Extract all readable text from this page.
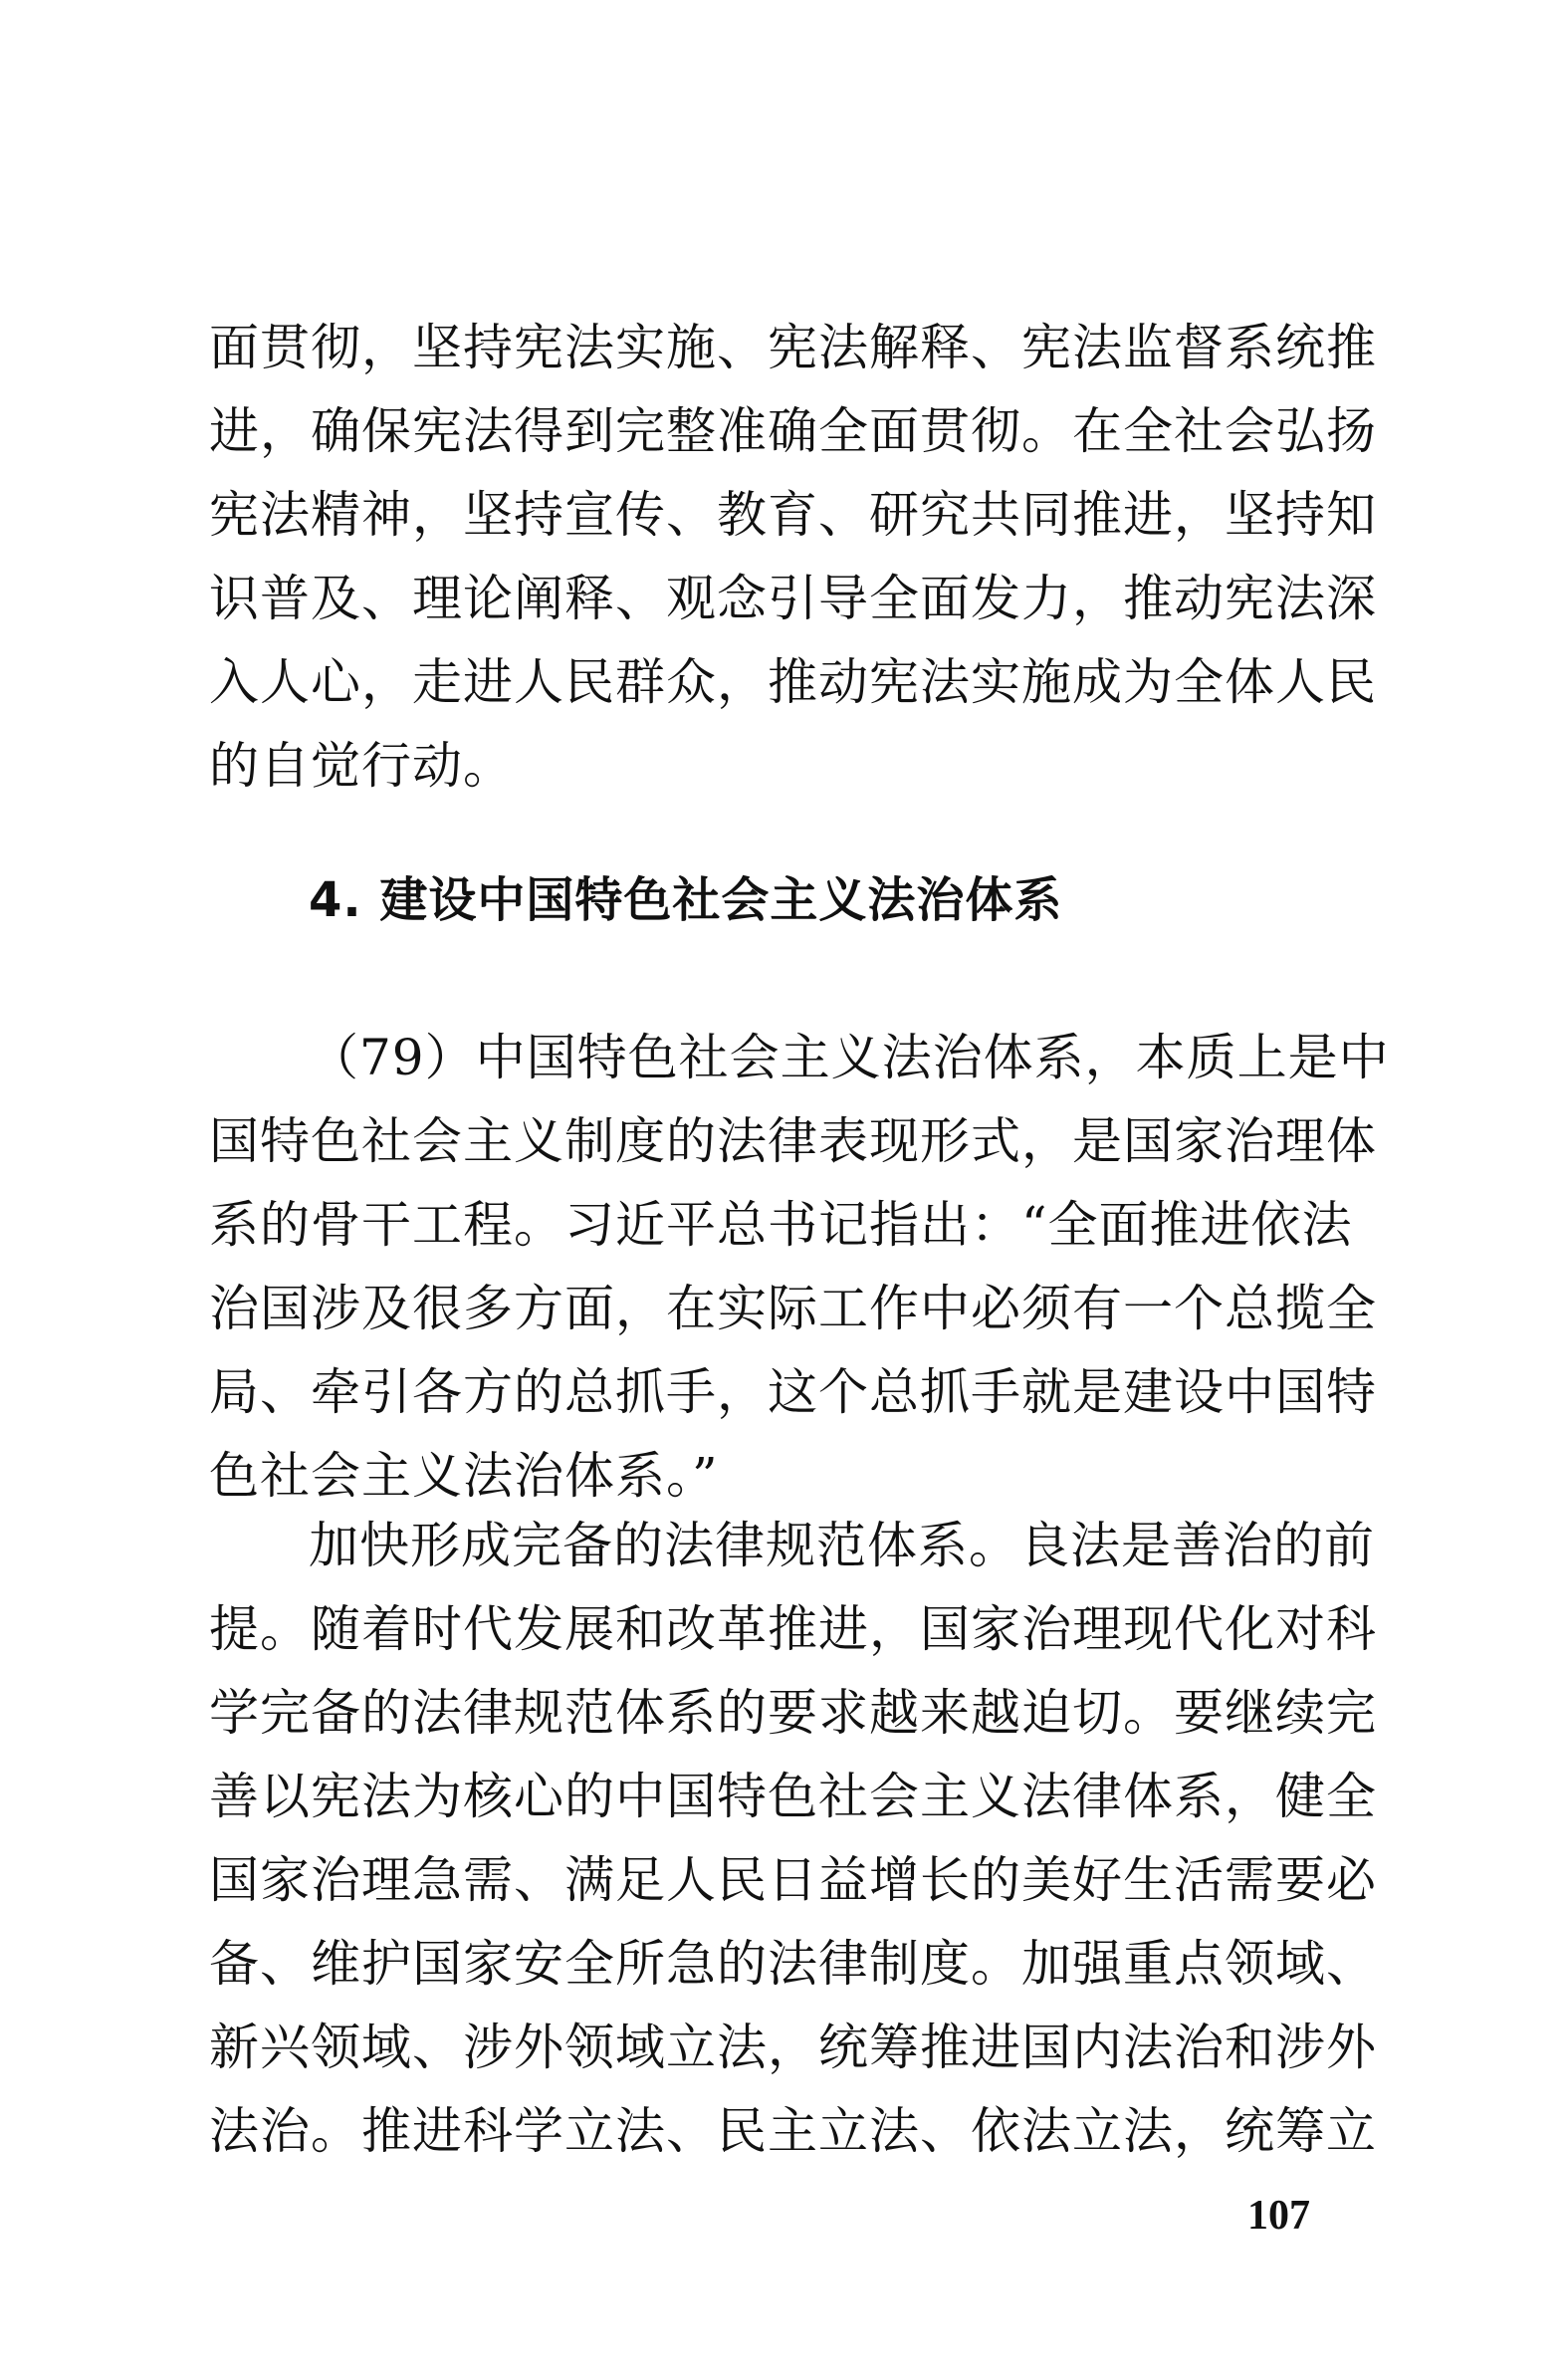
面贯彻，坚持宪法实施、宪法解释、宪法监督系统推
进，确保宪法得到完整准确全面贯彻。在全社会弘扬
宪法精神，坚持宣传、教育、研究共同推进，坚持知
识普及、理论阐释、观念引导全面发力，推动宪法深
入人心，走进人民群众，推动宪法实施成为全体人民
的自觉行动。
4. 建设中国特色社会主义法治体系
（79）中国特色社会主义法治体系，本质上是中
国特色社会主义制度的法律表现形式，是国家治理体
系的骨干工程。习近平总书记指出：“全面推进依法
治国涉及很多方面，在实际工作中必须有一个总揽全
局、牵引各方的总抓手，这个总抓手就是建设中国特
色社会主义法治体系。”
加快形成完备的法律规范体系。良法是善治的前
提。随着时代发展和改革推进，国家治理现代化对科
学完备的法律规范体系的要求越来越迫切。要继续完
善以宪法为核心的中国特色社会主义法律体系，健全
国家治理急需、满足人民日益增长的美好生活需要必
备、维护国家安全所急的法律制度。加强重点领域、
新兴领域、涉外领域立法，统筹推进国内法治和涉外
法治。推进科学立法、民主立法、依法立法，统筹立
107
